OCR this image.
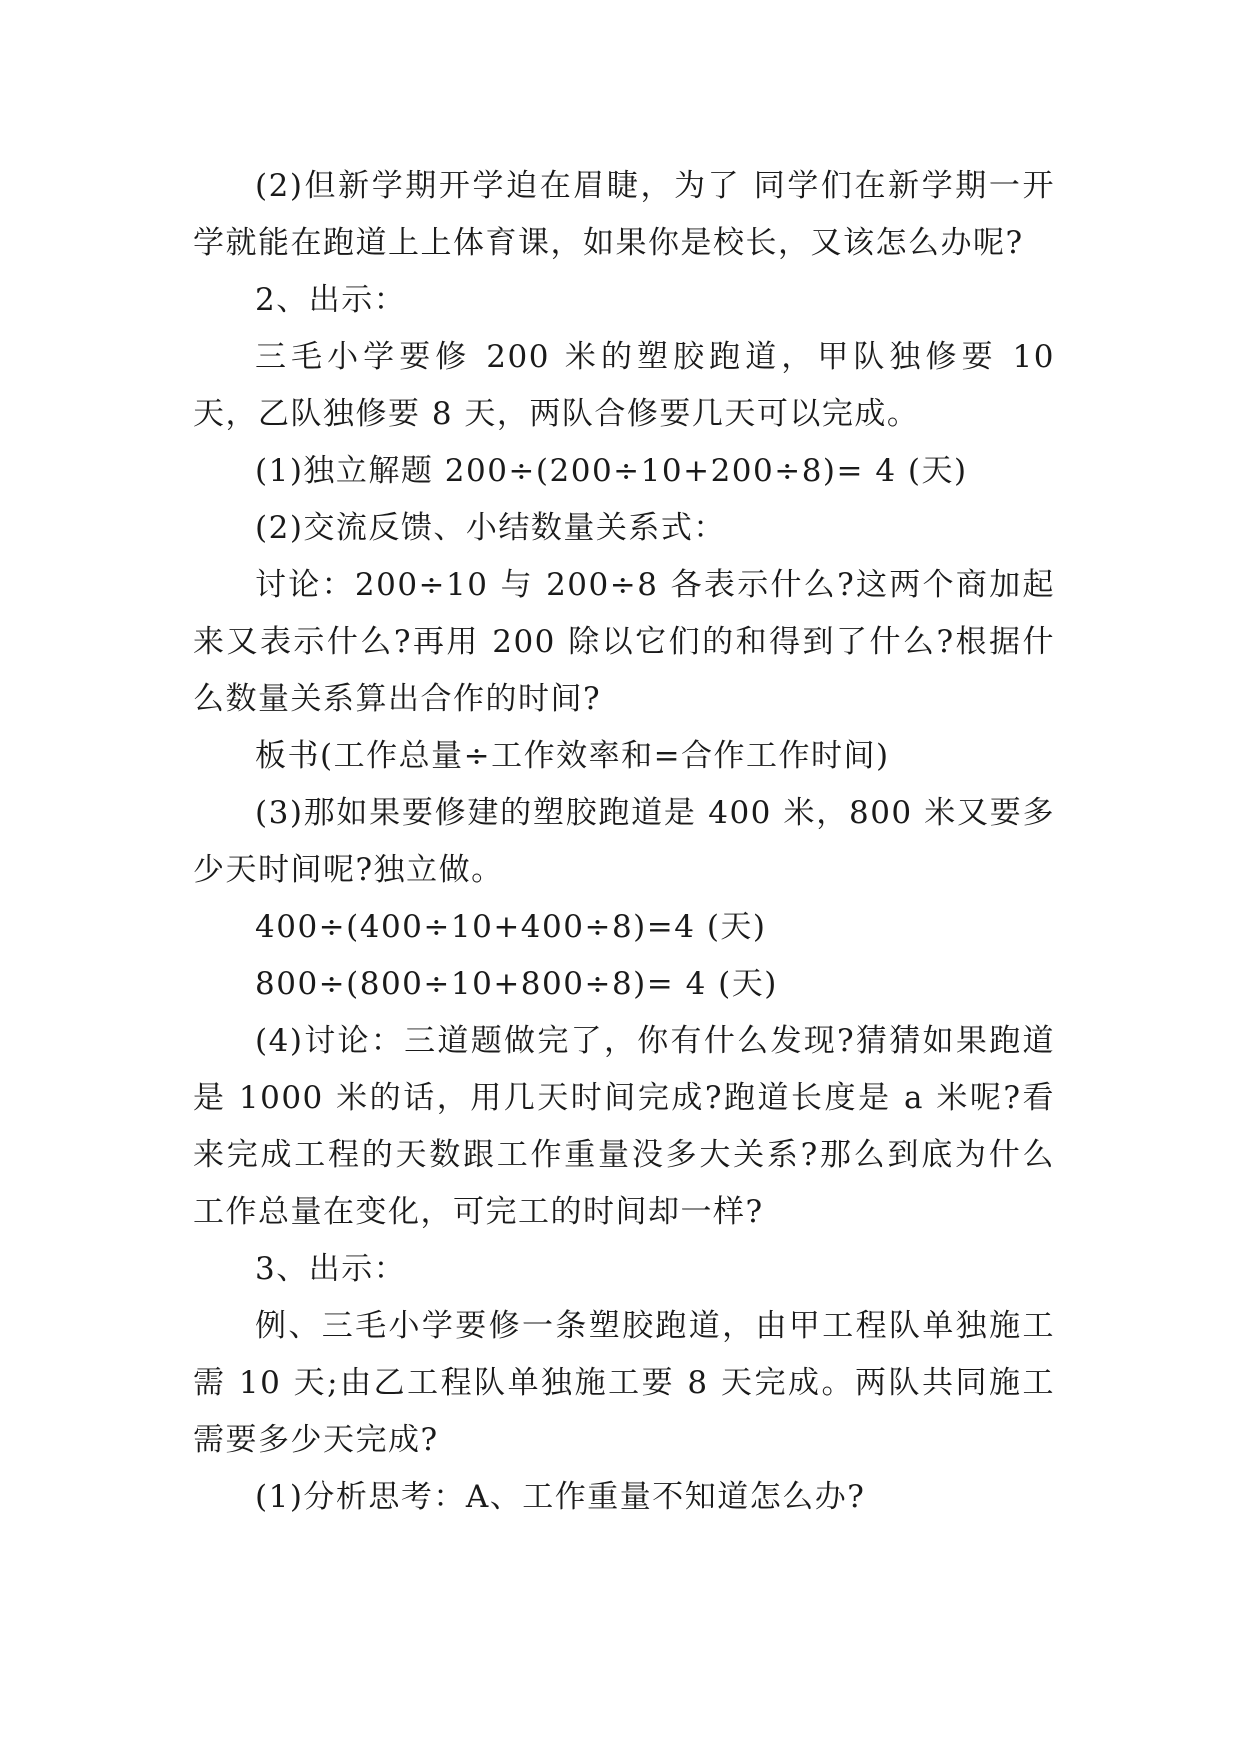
(2)但新学期开学迫在眉睫，为了 同学们在新学期一开学就能在跑道上上体育课，如果你是校长，又该怎么办呢?

2、出示：

三毛小学要修 200 米的塑胶跑道，甲队独修要 10 天，乙队独修要 8 天，两队合修要几天可以完成。

(1)独立解题 200÷(200÷10+200÷8)= 4 (天)

(2)交流反馈、小结数量关系式：

讨论：200÷10 与 200÷8 各表示什么?这两个商加起来又表示什么?再用 200 除以它们的和得到了什么?根据什么数量关系算出合作的时间?

板书(工作总量÷工作效率和=合作工作时间)

(3)那如果要修建的塑胶跑道是 400 米，800 米又要多少天时间呢?独立做。

400÷(400÷10+400÷8)=4 (天)

800÷(800÷10+800÷8)= 4 (天)

(4)讨论：三道题做完了，你有什么发现?猜猜如果跑道是 1000 米的话，用几天时间完成?跑道长度是 a 米呢?看来完成工程的天数跟工作重量没多大关系?那么到底为什么工作总量在变化，可完工的时间却一样?

3、出示：

例、三毛小学要修一条塑胶跑道，由甲工程队单独施工需 10 天;由乙工程队单独施工要 8 天完成。两队共同施工需要多少天完成?

(1)分析思考：A、工作重量不知道怎么办?
